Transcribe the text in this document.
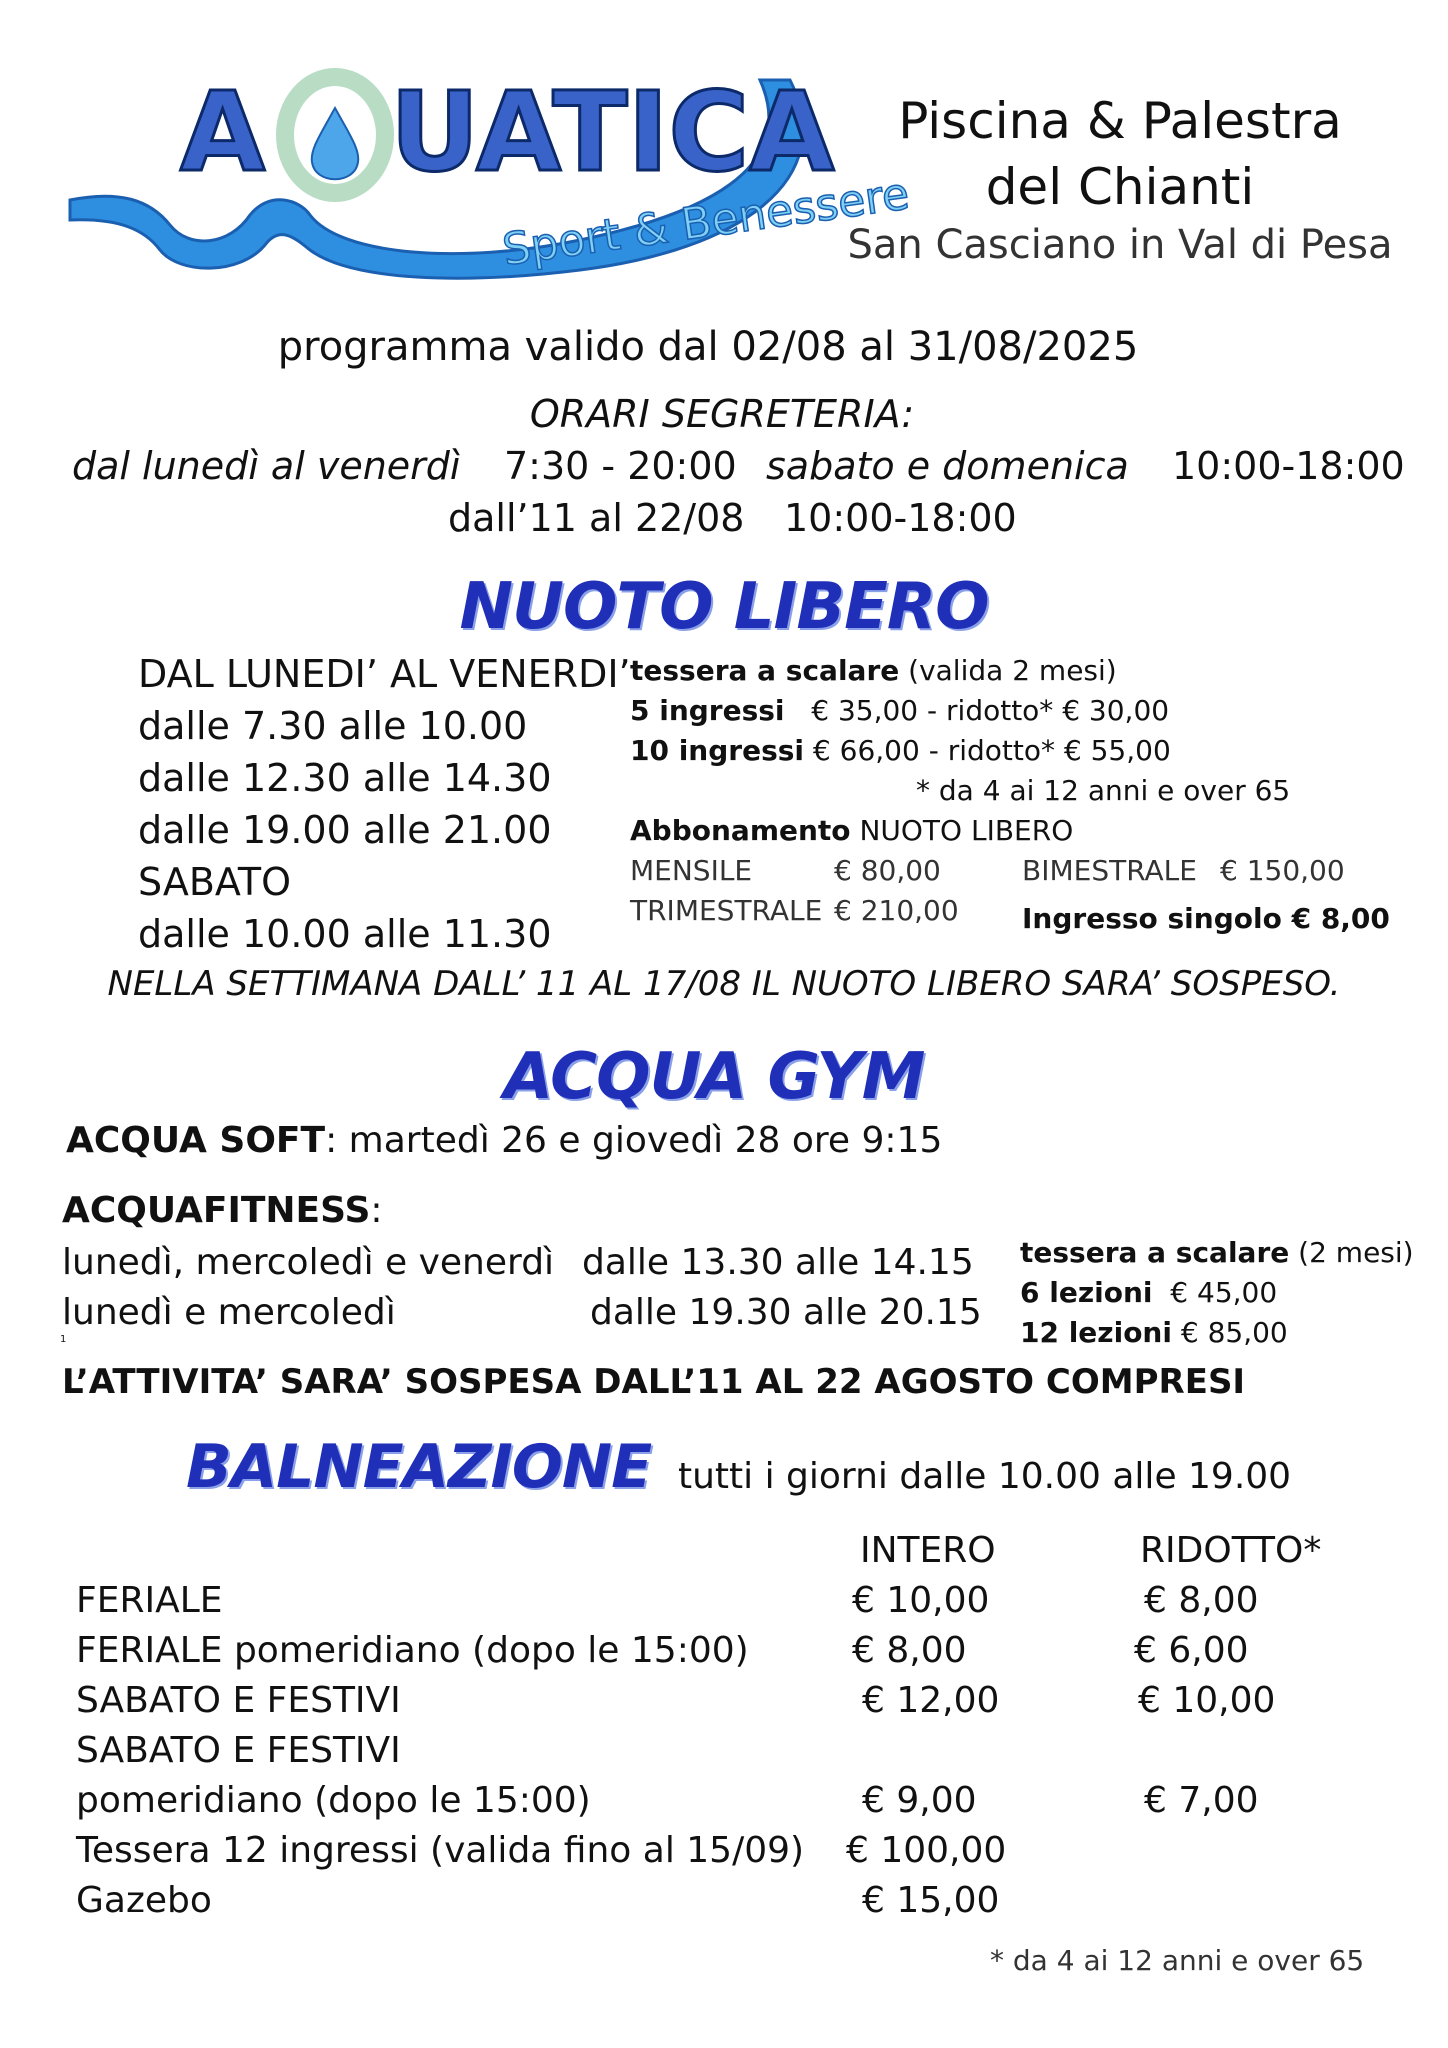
A UATICA
Sport & Benessere
Piscina & Palestra
del Chianti
San Casciano in Val di Pesa
programma valido dal 02/08 al 31/08/2025
ORARI SEGRETERIA:
dal lunedì al venerdì 7:30 - 20:00 sabato e domenica 10:00-18:00
dall’11 al 22/08 10:00-18:00
NUOTO LIBERO
DAL LUNEDI’ AL VENERDI’
dalle 7.30 alle 10.00
dalle 12.30 alle 14.30
dalle 19.00 alle 21.00
SABATO
dalle 10.00 alle 11.30
tessera a scalare (valida 2 mesi)
5 ingressi € 35,00 - ridotto* € 30,00
10 ingressi € 66,00 - ridotto* € 55,00
* da 4 ai 12 anni e over 65
Abbonamento NUOTO LIBERO
MENSILE	€ 80,00	BIMESTRALE € 150,00
TRIMESTRALE € 210,00 Ingresso singolo € 8,00
NELLA SETTIMANA DALL’ 11 AL 17/08 IL NUOTO LIBERO SARA’ SOSPESO.
ACQUA GYM
ACQUA SOFT: martedì 26 e giovedì 28 ore 9:15
ACQUAFITNESS:
lunedì, mercoledì e venerdì dalle 13.30 alle 14.15
lunedì e mercoledì	dalle 19.30 alle 20.15
1
tessera a scalare (2 mesi)
6 lezioni € 45,00
12 lezioni € 85,00
L’ATTIVITA’ SARA’ SOSPESA DALL’11 AL 22 AGOSTO COMPRESI
BALNEAZIONE tutti i giorni dalle 10.00 alle 19.00
INTERO	RIDOTTO*
FERIALE	€ 10,00	€ 8,00
FERIALE pomeridiano (dopo le 15:00)	€ 8,00	€ 6,00
SABATO E FESTIVI	€ 12,00	€ 10,00
SABATO E FESTIVI
pomeridiano (dopo le 15:00)	€ 9,00	€ 7,00
Tessera 12 ingressi (valida fino al 15/09) € 100,00
Gazebo	€ 15,00
* da 4 ai 12 anni e over 65
